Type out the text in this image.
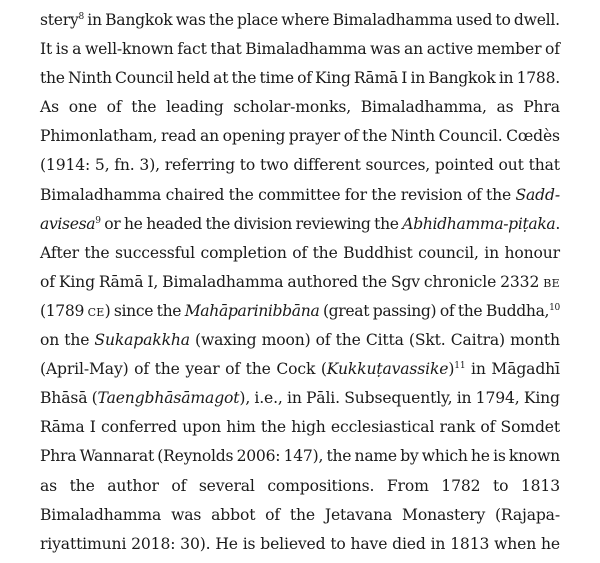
stery$^8$ in Bangkok was the place where Bimaladhamma used to dwell.
It is a well-known fact that Bimaladhamma was an active member of
the Ninth Council held at the time of King Rāmā I in Bangkok in 1788.
As one of the leading scholar-monks, Bimaladhamma, as Phra
Phimonlatham, read an opening prayer of the Ninth Council. Cœdès
(1914: 5, fn. 3), referring to two different sources, pointed out that
Bimaladhamma chaired the committee for the revision of the Sadd-
avisesa$^9$ or he headed the division reviewing the Abhidhamma-piṭaka.
After the successful completion of the Buddhist council, in honour
of King Rāmā I, Bimaladhamma authored the Sgv chronicle 2332 BE
(1789 CE) since the Mahāparinibbāna (great passing) of the Buddha,$^{10}$
on the Sukapakkha (waxing moon) of the Citta (Skt. Caitra) month
(April-May) of the year of the Cock (Kukkuṭavassike)$^{11}$ in Māgadhī
Bhāsā (Taengbhāsāmagot), i.e., in Pāli. Subsequently, in 1794, King
Rāma I conferred upon him the high ecclesiastical rank of Somdet
Phra Wannarat (Reynolds 2006: 147), the name by which he is known
as the author of several compositions. From 1782 to 1813
Bimaladhamma was abbot of the Jetavana Monastery (Rajapa-
riyattimuni 2018: 30). He is believed to have died in 1813 when he
